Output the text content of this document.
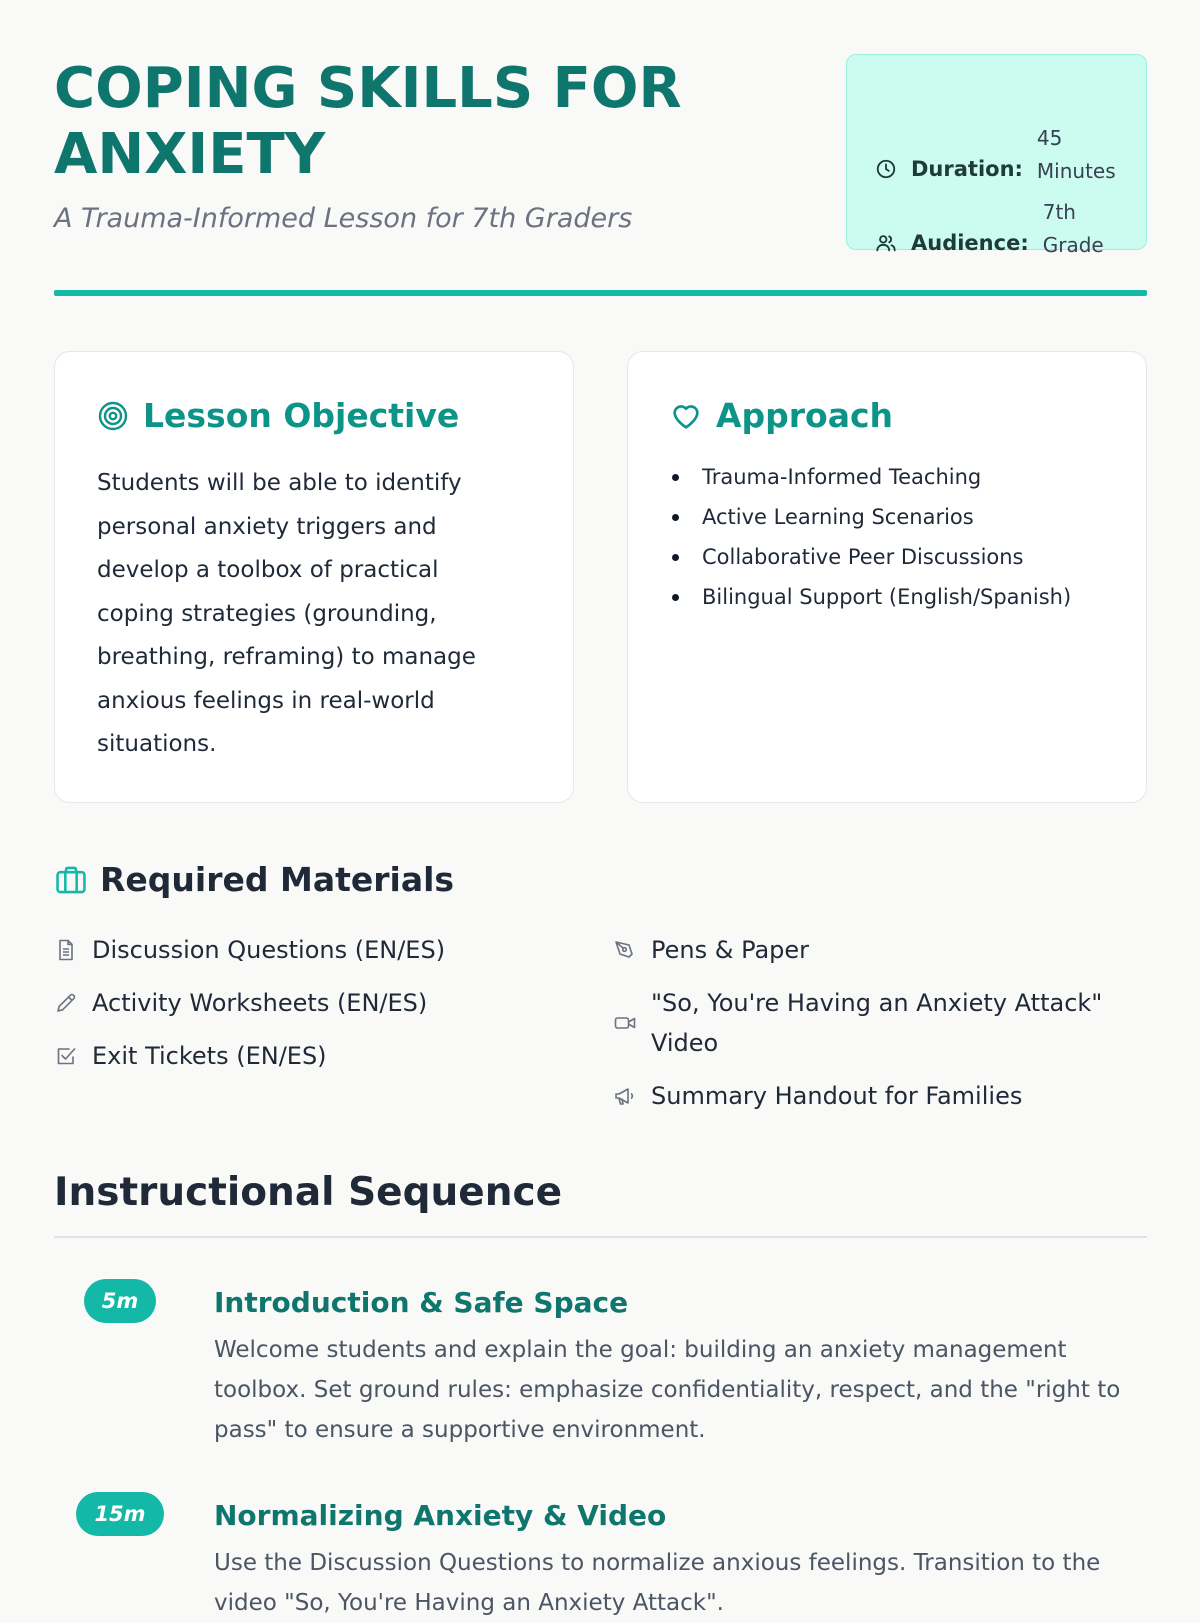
COPING SKILLS FOR ANXIETY
A Trauma-Informed Lesson for 7th Graders
Duration:
45 Minutes
Audience:
7th Grade
Lesson Objective

Students will be able to identify personal anxiety triggers and develop a toolbox of practical coping strategies (grounding, breathing, reframing) to manage anxious feelings in real-world situations.

Approach
Trauma-Informed Teaching
Active Learning Scenarios
Collaborative Peer Discussions
Bilingual Support (English/Spanish)
Required Materials
Discussion Questions (EN/ES)
Activity Worksheets (EN/ES)
Exit Tickets (EN/ES)
Pens & Paper
"So, You're Having an Anxiety Attack" Video
Summary Handout for Families
Instructional Sequence
5m	Introduction & Safe Space

Welcome students and explain the goal: building an anxiety management toolbox. Set ground rules: emphasize confidentiality, respect, and the "right to pass" to ensure a supportive environment.

15m	Normalizing Anxiety & Video

Use the Discussion Questions to normalize anxious feelings. Transition to the video "So, You're Having an Anxiety Attack".
